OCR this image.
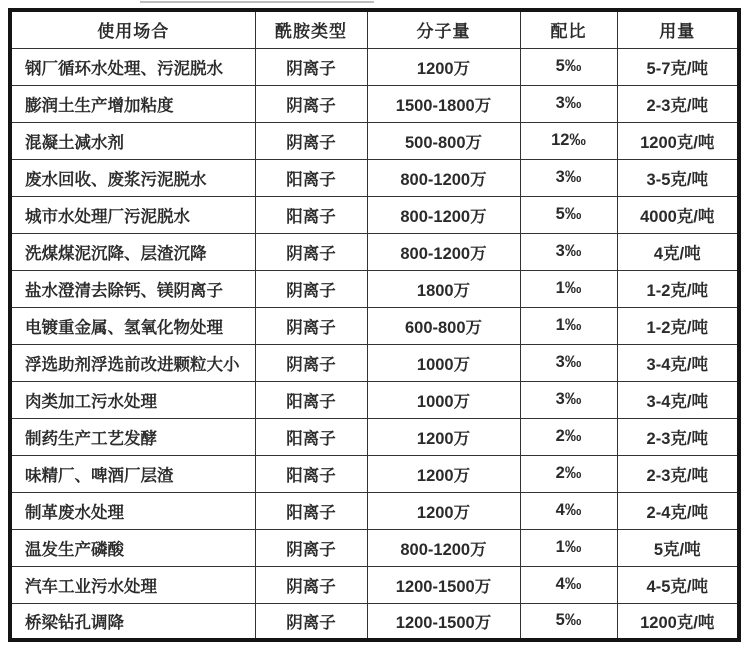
使用场合	酰胺类型	分子量	配比	用量
钢厂循环水处理、污泥脱水	阴离子	1200万	5‰	5-7克/吨
膨润土生产增加粘度	阴离子	1500-1800万	3‰	2-3克/吨
混凝土减水剂	阴离子	500-800万	12‰	1200克/吨
废水回收、废浆污泥脱水	阳离子	800-1200万	3‰	3-5克/吨
城市水处理厂污泥脱水	阳离子	800-1200万	5‰	4000克/吨
洗煤煤泥沉降、层渣沉降	阴离子	800-1200万	3‰	4克/吨
盐水澄清去除钙、镁阴离子	阴离子	1800万	1‰	1-2克/吨
电镀重金属、氢氧化物处理	阴离子	600-800万	1‰	1-2克/吨
浮选助剂浮选前改进颗粒大小	阴离子	1000万	3‰	3-4克/吨
肉类加工污水处理	阳离子	1000万	3‰	3-4克/吨
制药生产工艺发酵	阳离子	1200万	2‰	2-3克/吨
味精厂、啤酒厂层渣	阳离子	1200万	2‰	2-3克/吨
制革废水处理	阳离子	1200万	4‰	2-4克/吨
温发生产磷酸	阴离子	800-1200万	1‰	5克/吨
汽车工业污水处理	阴离子	1200-1500万	4‰	4-5克/吨
桥梁钻孔调降	阴离子	1200-1500万	5‰	1200克/吨
